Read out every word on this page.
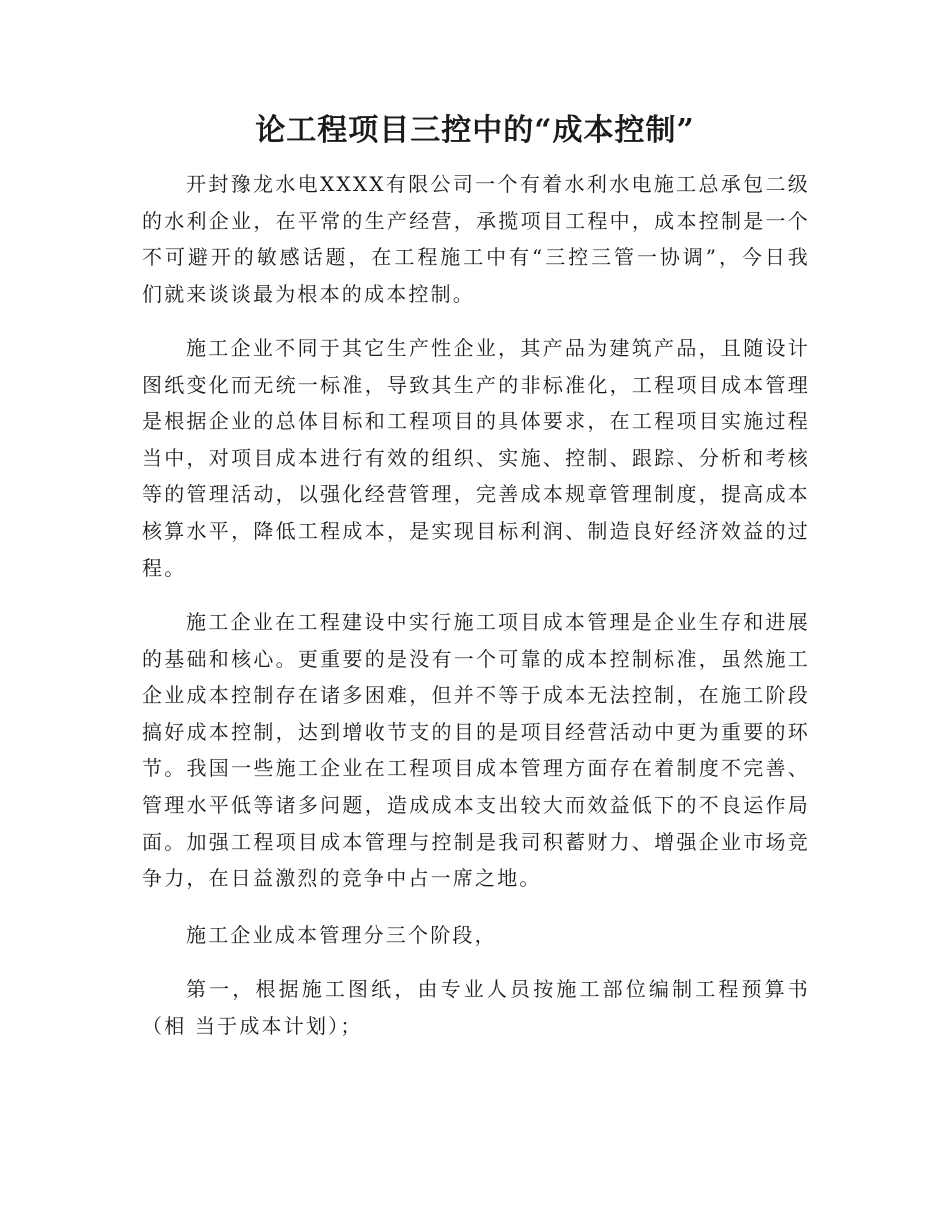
论工程项目三控中的“成本控制”

开封豫龙水电XXXX有限公司一个有着水利水电施工总承包二级的水利企业，在平常的生产经营，承揽项目工程中，成本控制是一个不可避开的敏感话题，在工程施工中有“三控三管一协调”，今日我们就来谈谈最为根本的成本控制。

施工企业不同于其它生产性企业，其产品为建筑产品，且随设计图纸变化而无统一标准，导致其生产的非标准化，工程项目成本管理是根据企业的总体目标和工程项目的具体要求，在工程项目实施过程当中，对项目成本进行有效的组织、实施、控制、跟踪、分析和考核等的管理活动，以强化经营管理，完善成本规章管理制度，提高成本核算水平，降低工程成本，是实现目标利润、制造良好经济效益的过程。

施工企业在工程建设中实行施工项目成本管理是企业生存和进展的基础和核心。更重要的是没有一个可靠的成本控制标准，虽然施工企业成本控制存在诸多困难，但并不等于成本无法控制，在施工阶段搞好成本控制，达到增收节支的目的是项目经营活动中更为重要的环节。我国一些施工企业在工程项目成本管理方面存在着制度不完善、管理水平低等诸多问题，造成成本支出较大而效益低下的不良运作局面。加强工程项目成本管理与控制是我司积蓄财力、增强企业市场竞争力，在日益激烈的竞争中占一席之地。

施工企业成本管理分三个阶段，

第一，根据施工图纸，由专业人员按施工部位编制工程预算书（相 当于成本计划）；
